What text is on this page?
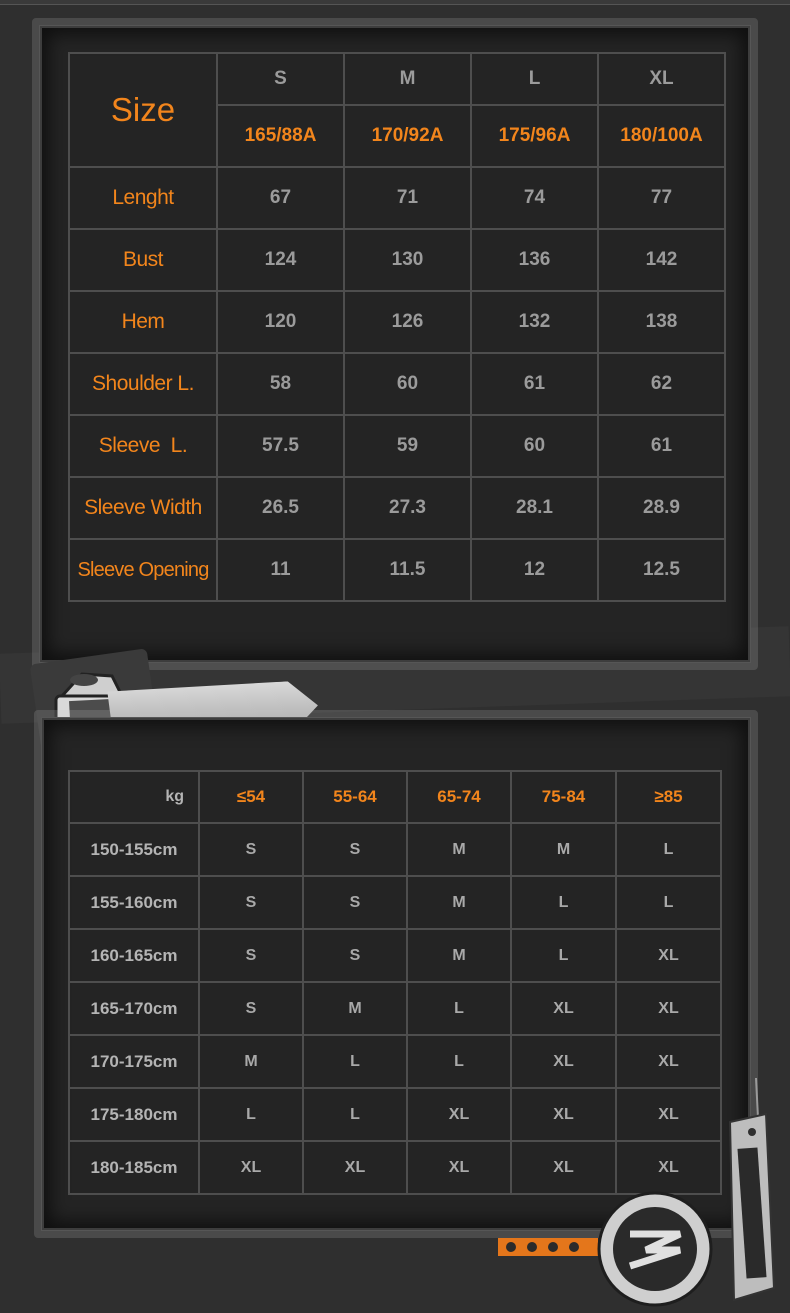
Size	S	M	L	XL
	165/88A	170/92A	175/96A	180/100A
Lenght	67	71	74	77
Bust	124	130	136	142
Hem	120	126	132	138
Shoulder L.	58	60	61	62
Sleeve  L.	57.5	59	60	61
Sleeve Width	26.5	27.3	28.1	28.9
Sleeve Opening	11	11.5	12	12.5
kg	≤54	55-64	65-74	75-84	≥85
150-155cm	S	S	M	M	L
155-160cm	S	S	M	L	L
160-165cm	S	S	M	L	XL
165-170cm	S	M	L	XL	XL
170-175cm	M	L	L	XL	XL
175-180cm	L	L	XL	XL	XL
180-185cm	XL	XL	XL	XL	XL
